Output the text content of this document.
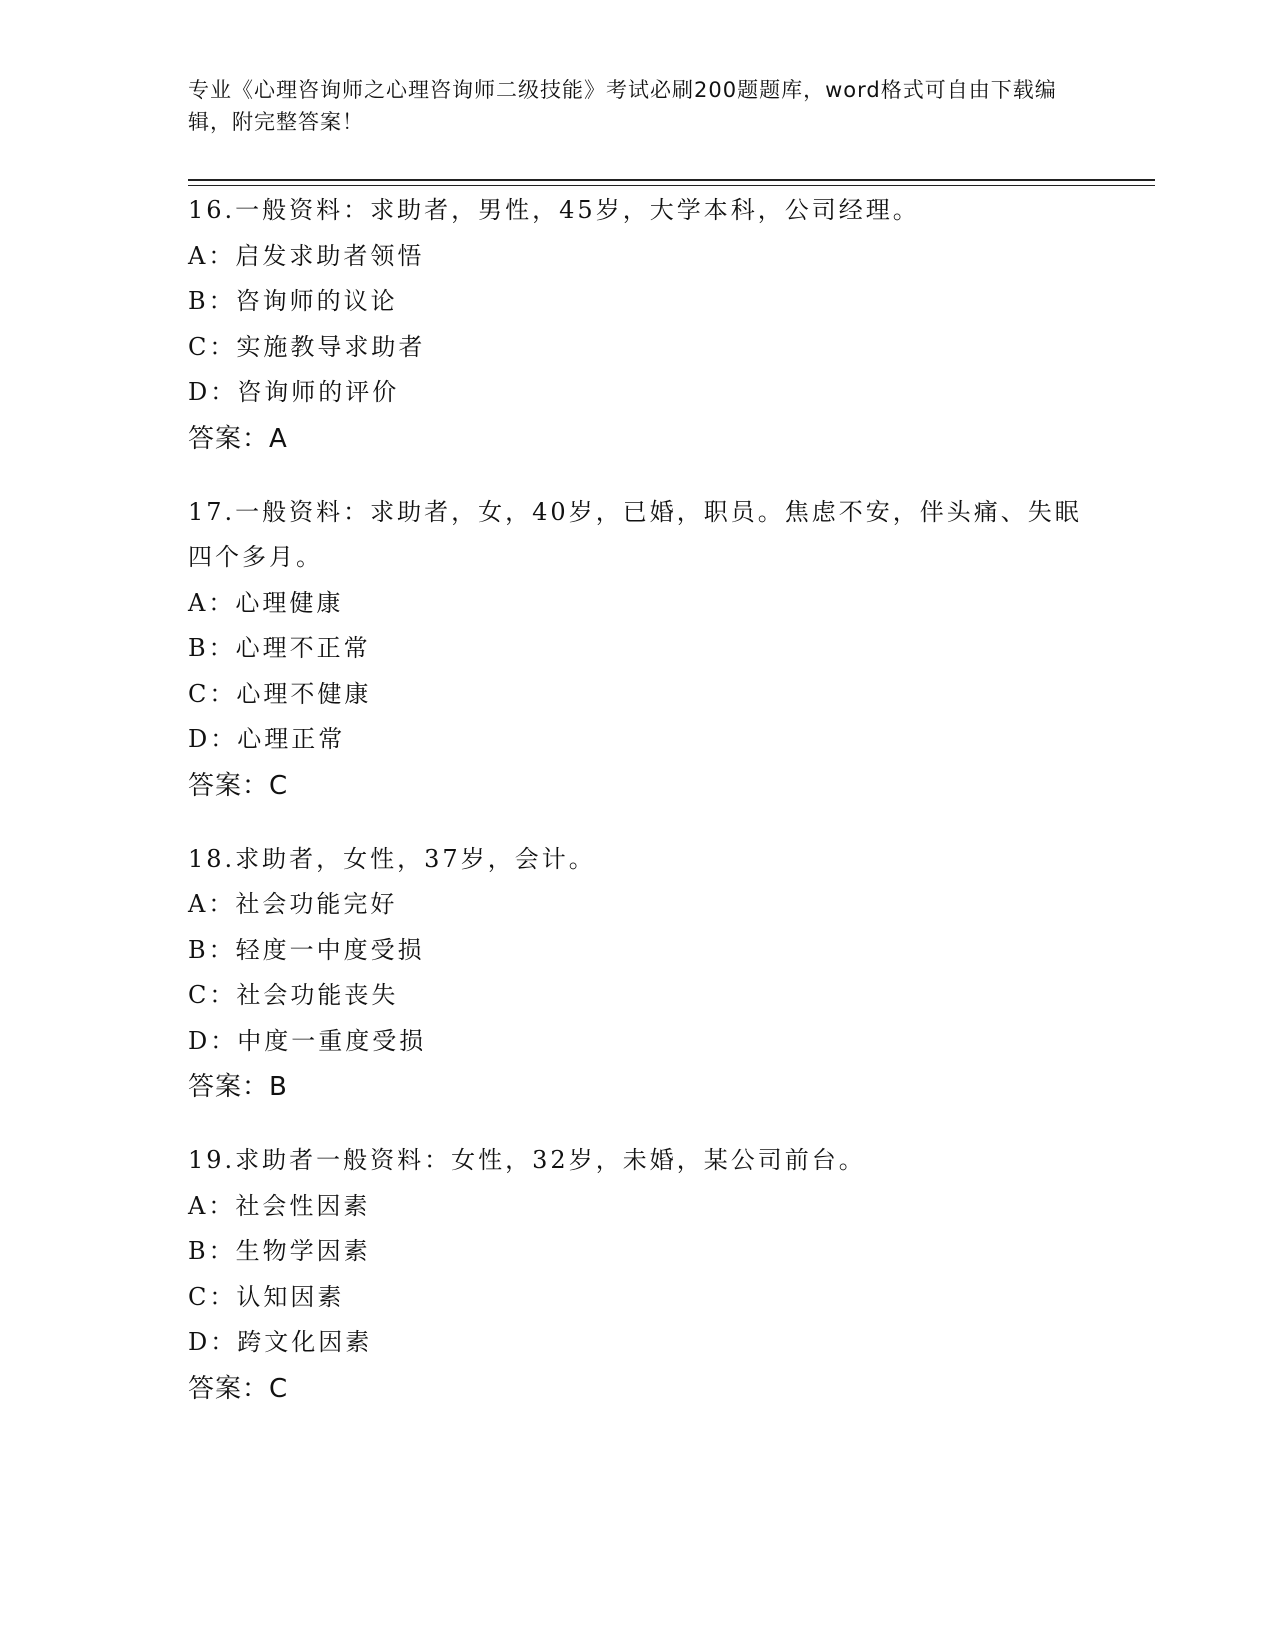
专业《心理咨询师之心理咨询师二级技能》考试必刷200题题库，word格式可自由下载编辑，附完整答案！
16.一般资料：求助者，男性，45岁，大学本科，公司经理。
A：启发求助者领悟
B：咨询师的议论
C：实施教导求助者
D：咨询师的评价
答案：A
17.一般资料：求助者，女，40岁，已婚，职员。焦虑不安，伴头痛、失眠四个多月。
A：心理健康
B：心理不正常
C：心理不健康
D：心理正常
答案：C
18.求助者，女性，37岁，会计。
A：社会功能完好
B：轻度一中度受损
C：社会功能丧失
D：中度一重度受损
答案：B
19.求助者一般资料：女性，32岁，未婚，某公司前台。
A：社会性因素
B：生物学因素
C：认知因素
D：跨文化因素
答案：C
